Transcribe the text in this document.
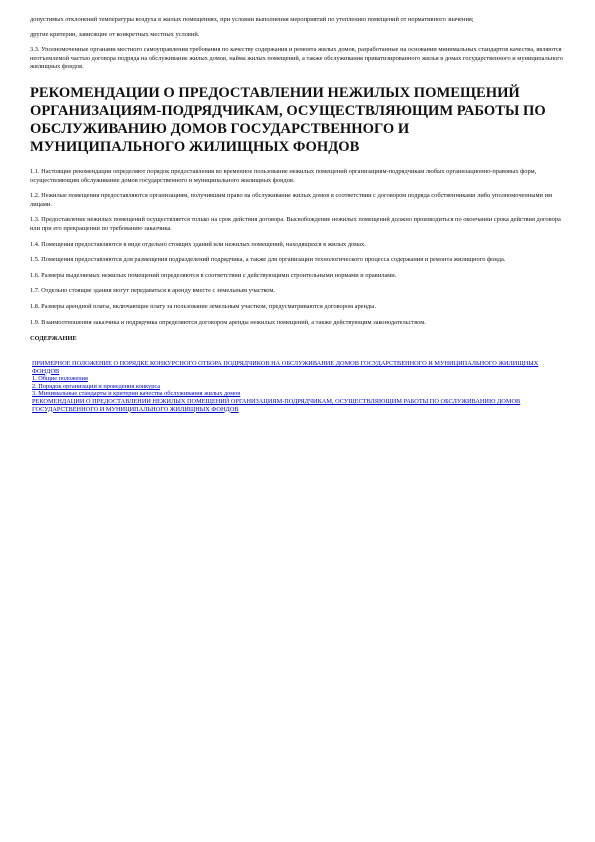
допустимых отклонений температуры воздуха в жилых помещениях, при условии выполнения мероприятий по утеплению помещений от нормативного значения;

другие критерии, зависящие от конкретных местных условий.

3.3. Уполномоченные органами местного самоуправления требования по качеству содержания и ремонта жилых домов, разработанные на основании минимальных стандартов качества, являются неотъемлемой частью договора подряда на обслуживание жилых домов, найма жилых помещений, а также обслуживания приватизированного жилья в домах государственного и муниципального жилищных фондов.

РЕКОМЕНДАЦИИ О ПРЕДОСТАВЛЕНИИ НЕЖИЛЫХ ПОМЕЩЕНИЙ ОРГАНИЗАЦИЯМ-ПОДРЯДЧИКАМ, ОСУЩЕСТВЛЯЮЩИМ РАБОТЫ ПО ОБСЛУЖИВАНИЮ ДОМОВ ГОСУДАРСТВЕННОГО И МУНИЦИПАЛЬНОГО ЖИЛИЩНЫХ ФОНДОВ

1.1. Настоящие рекомендации определяют порядок предоставления во временное пользование нежилых помещений организациям-подрядчикам любых организационно-правовых форм, осуществляющим обслуживание домов государственного и муниципального жилищных фондов.

1.2. Нежилые помещения предоставляются организациям, получившим право на обслуживание жилых домов в соответствии с договором подряда собственниками либо уполномоченными им лицами.

1.3. Предоставление нежилых помещений осуществляется только на срок действия договора. Высвобождение нежилых помещений должно производиться по окончании срока действия договора или при его прекращении по требованию заказчика.

1.4. Помещения предоставляются в виде отдельно стоящих зданий или нежилых помещений, находящихся в жилых домах.

1.5. Помещения предоставляются для размещения подразделений подрядчика, а также для организации технологического процесса содержания и ремонта жилищного фонда.

1.6. Размеры выделяемых нежилых помещений определяются в соответствии с действующими строительными нормами и правилами.

1.7. Отдельно стоящие здания могут передаваться в аренду вместе с земельным участком.

1.8. Размеры арендной платы, включающие плату за пользование земельным участком, предусматриваются договором аренды.

1.9. Взаимоотношения заказчика и подрядчика определяются договором аренды нежилых помещений, а также действующим законодательством.

СОДЕРЖАНИЕ
ПРИМЕРНОЕ ПОЛОЖЕНИЕ О ПОРЯДКЕ КОНКУРСНОГО ОТБОРА ПОДРЯДЧИКОВ НА ОБСЛУЖИВАНИЕ ДОМОВ ГОСУДАРСТВЕННОГО И МУНИЦИПАЛЬНОГО ЖИЛИЩНЫХ ФОНДОВ
1. Общие положения
2. Порядок организации и проведения конкурса
3. Минимальные стандарты и критерии качества обслуживания жилых домов
РЕКОМЕНДАЦИИ О ПРЕДОСТАВЛЕНИИ НЕЖИЛЫХ ПОМЕЩЕНИЙ ОРГАНИЗАЦИЯМ-ПОДРЯДЧИКАМ, ОСУЩЕСТВЛЯЮЩИМ РАБОТЫ ПО ОБСЛУЖИВАНИЮ ДОМОВ ГОСУДАРСТВЕННОГО И МУНИЦИПАЛЬНОГО ЖИЛИЩНЫХ ФОНДОВ
